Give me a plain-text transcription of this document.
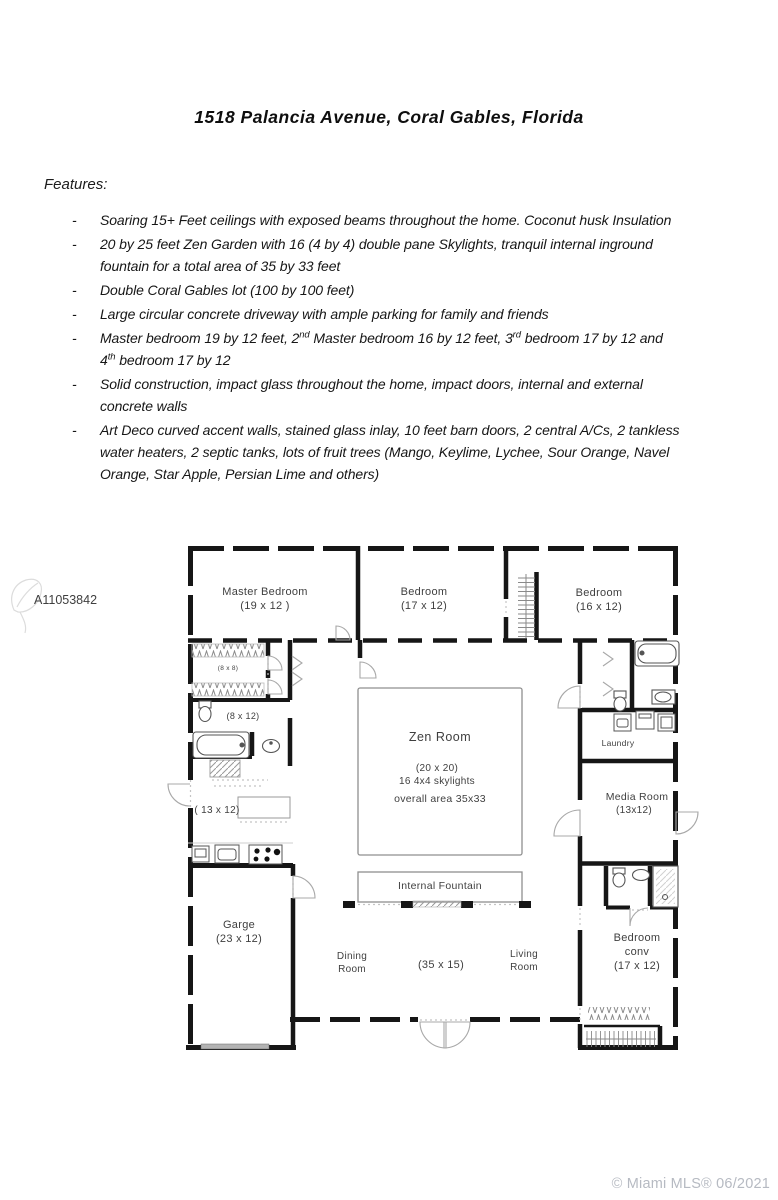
1518 Palancia Avenue, Coral Gables, Florida
Features:
-	Soaring 15+ Feet ceilings with exposed beams throughout the home. Coconut husk Insulation
-	20 by 25 feet Zen Garden with 16 (4 by 4) double pane Skylights, tranquil internal inground
fountain for a total area of 35 by 33 feet
-	Double Coral Gables lot (100 by 100 feet)
-	Large circular concrete driveway with ample parking for family and friends
-	Master bedroom 19 by 12 feet, 2nd Master bedroom 16 by 12 feet, 3rd bedroom 17 by 12 and
4th bedroom 17 by 12
-	Solid construction, impact glass throughout the home, impact doors, internal and external
concrete walls
-	Art Deco curved accent walls, stained glass inlay, 10 feet barn doors, 2 central A/Cs, 2 tankless
water heaters, 2 septic tanks, lots of fruit trees (Mango, Keylime, Lychee, Sour Orange, Navel
Orange, Star Apple, Persian Lime and others)
A11053842
Master Bedroom
(19 x 12 )
Bedroom
(17 x 12)
Bedroom
(16 x 12)
(8 x 8)
(8 x 12)
( 13 x 12)
Zen Room
(20 x 20)
16 4x4 skylights
overall area 35x33
Internal Fountain
Laundry
Media Room
(13x12)
Garge
(23 x 12)
Dining
Room	(35 x 15)
Living
Room
Bedroom
conv
(17 x 12)
© Miami MLS® 06/2021
